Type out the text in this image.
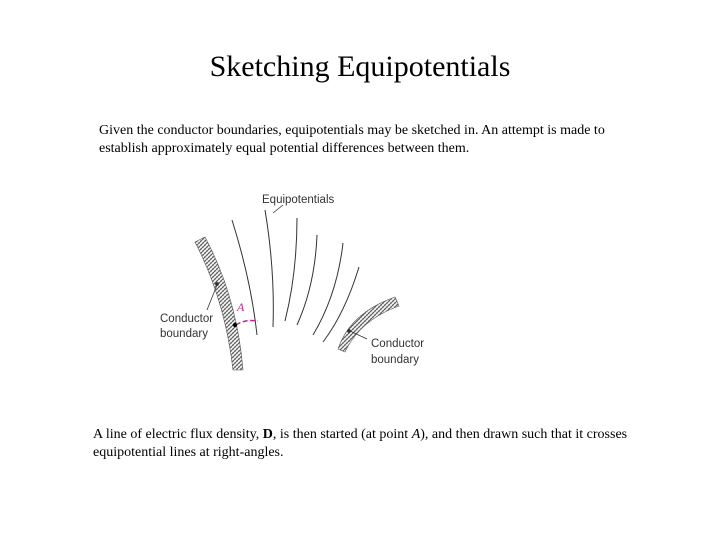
Sketching Equipotentials
Given the conductor boundaries, equipotentials may be sketched in. An attempt is made to establish approximately equal potential differences between them.
Equipotentials
Conductor
boundary
Conductor
boundary
A
A line of electric flux density, D, is then started (at point A), and then drawn such that it crosses equipotential lines at right-angles.
